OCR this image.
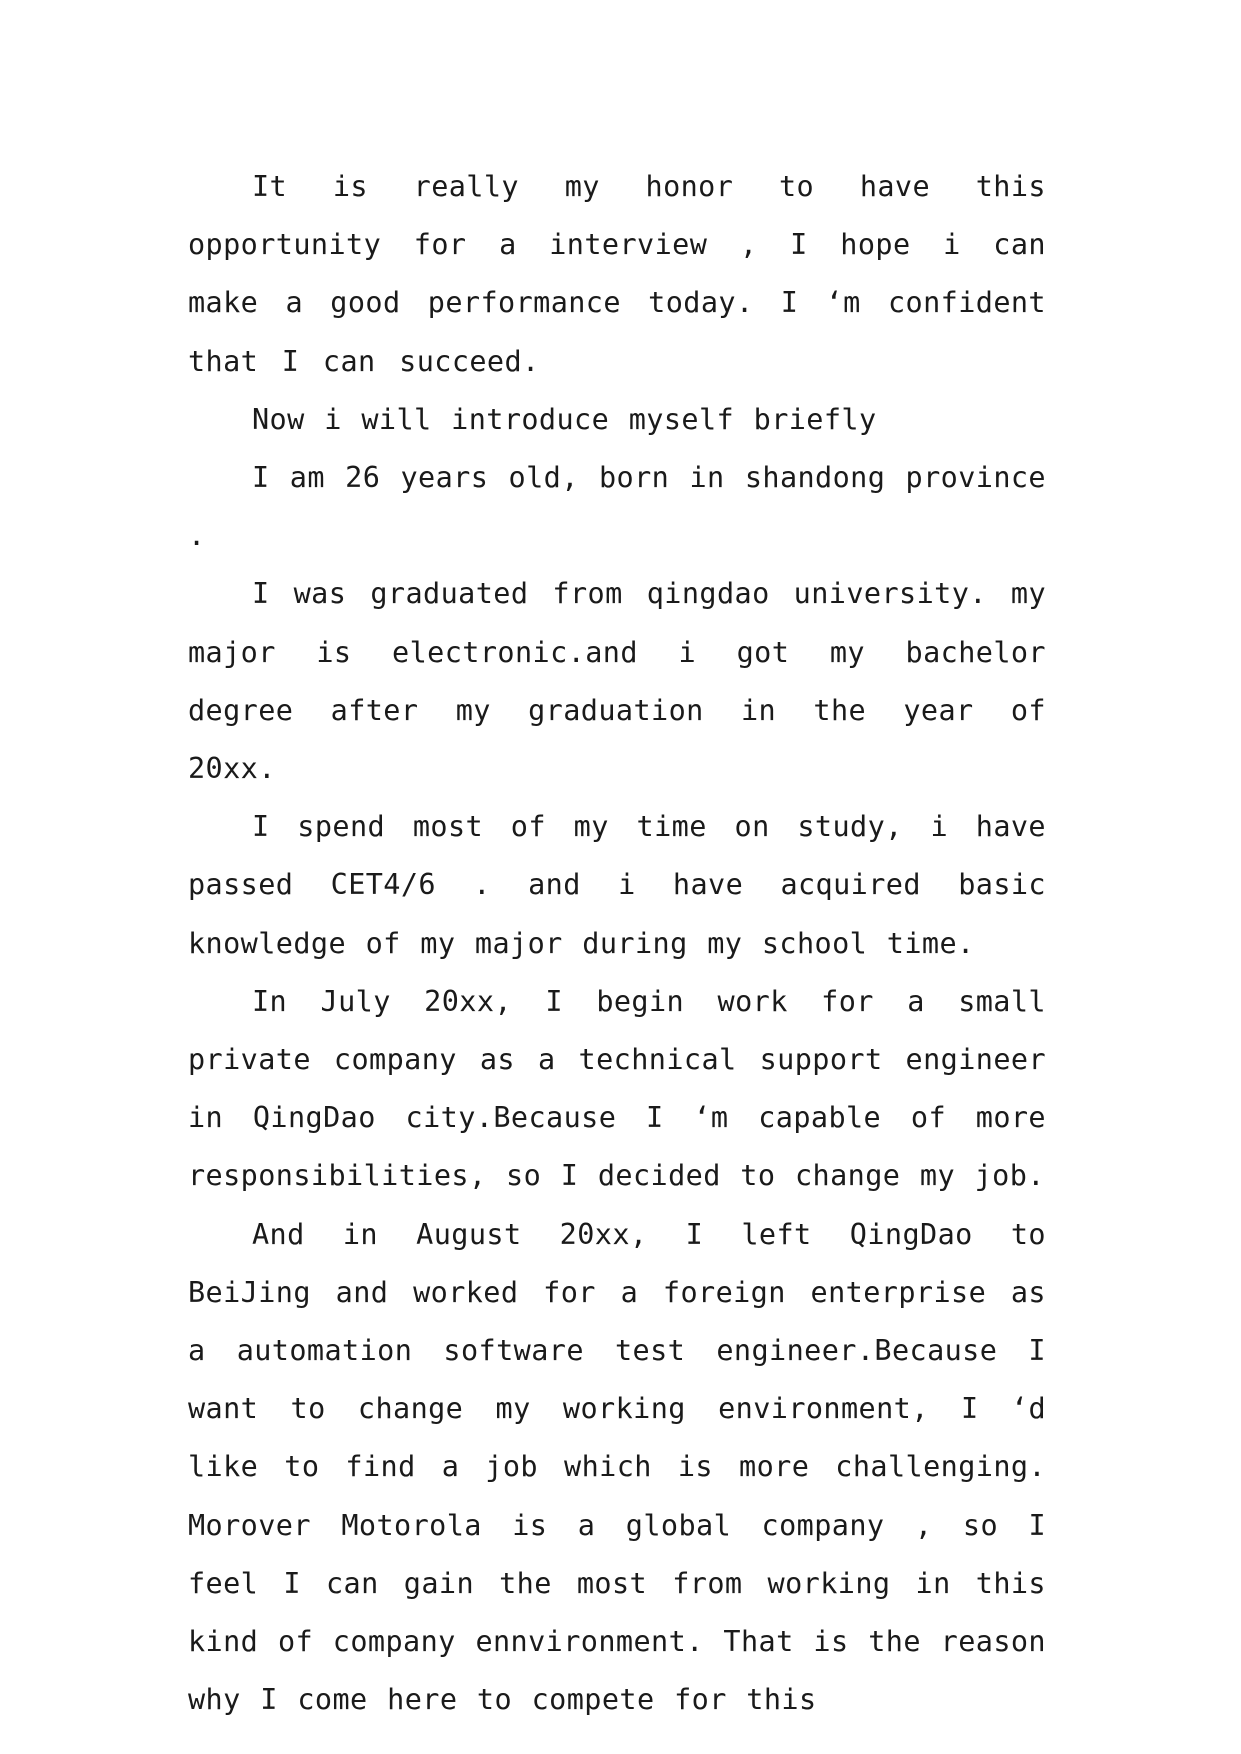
It is really my honor to have this opportunity for a interview , I hope i can make a good performance today. I ‘m confident that I can succeed.

Now i will introduce myself briefly

I am 26 years old, born in shandong province .

I was graduated from qingdao university. my major is electronic.and i got my bachelor degree after my graduation in the year of 20xx.

I spend most of my time on study, i have passed CET4/6 . and i have acquired basic knowledge of my major during my school time.

In July 20xx, I begin work for a small private company as a technical support engineer in QingDao city.Because I ‘m capable of more responsibilities, so I decided to change my job.

And in August 20xx, I left QingDao to BeiJing and worked for a foreign enterprise as a automation software test engineer.Because I want to change my working environment, I ‘d like to find a job which is more challenging. Morover Motorola is a global company , so I feel I can gain the most from working in this kind of company ennvironment. That is the reason why I come here to compete for this
